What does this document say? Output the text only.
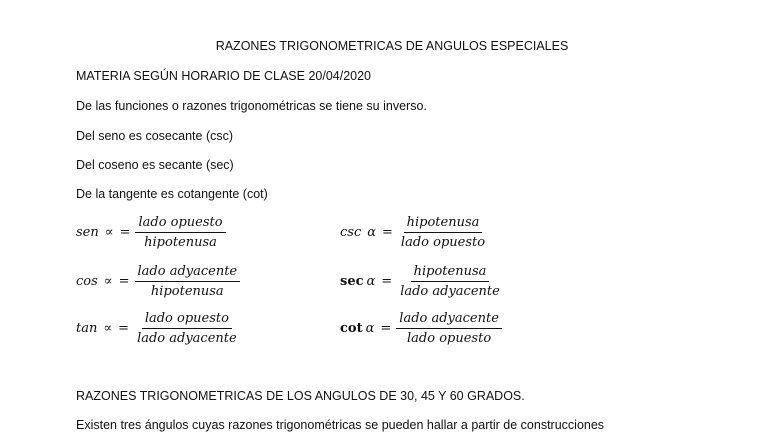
RAZONES TRIGONOMETRICAS DE ANGULOS ESPECIALES
MATERIA SEGÚN HORARIO DE CLASE 20/04/2020
De las funciones o razones trigonométricas se tiene su inverso.
Del seno es cosecante (csc)
Del coseno es secante (sec)
De la tangente es cotangente (cot)
sen ∝ = $\frac{\text{lado opuesto}}{\text{hipotenusa}}$
cos ∝ = $\frac{\text{lado adyacente}}{\text{hipotenusa}}$
tan ∝ = $\frac{\text{lado opuesto}}{\text{lado adyacente}}$
$\csc \alpha = \frac{\text{hipotenusa}}{\text{lado opuesto}}$
$\sec \alpha = \frac{\text{hipotenusa}}{\text{lado adyacente}}$
$\cot \alpha = \frac{\text{lado adyacente}}{\text{lado opuesto}}$
RAZONES TRIGONOMETRICAS DE LOS ANGULOS DE 30, 45 Y 60 GRADOS.
Existen tres ángulos cuyas razones trigonométricas se pueden hallar a partir de construcciones
